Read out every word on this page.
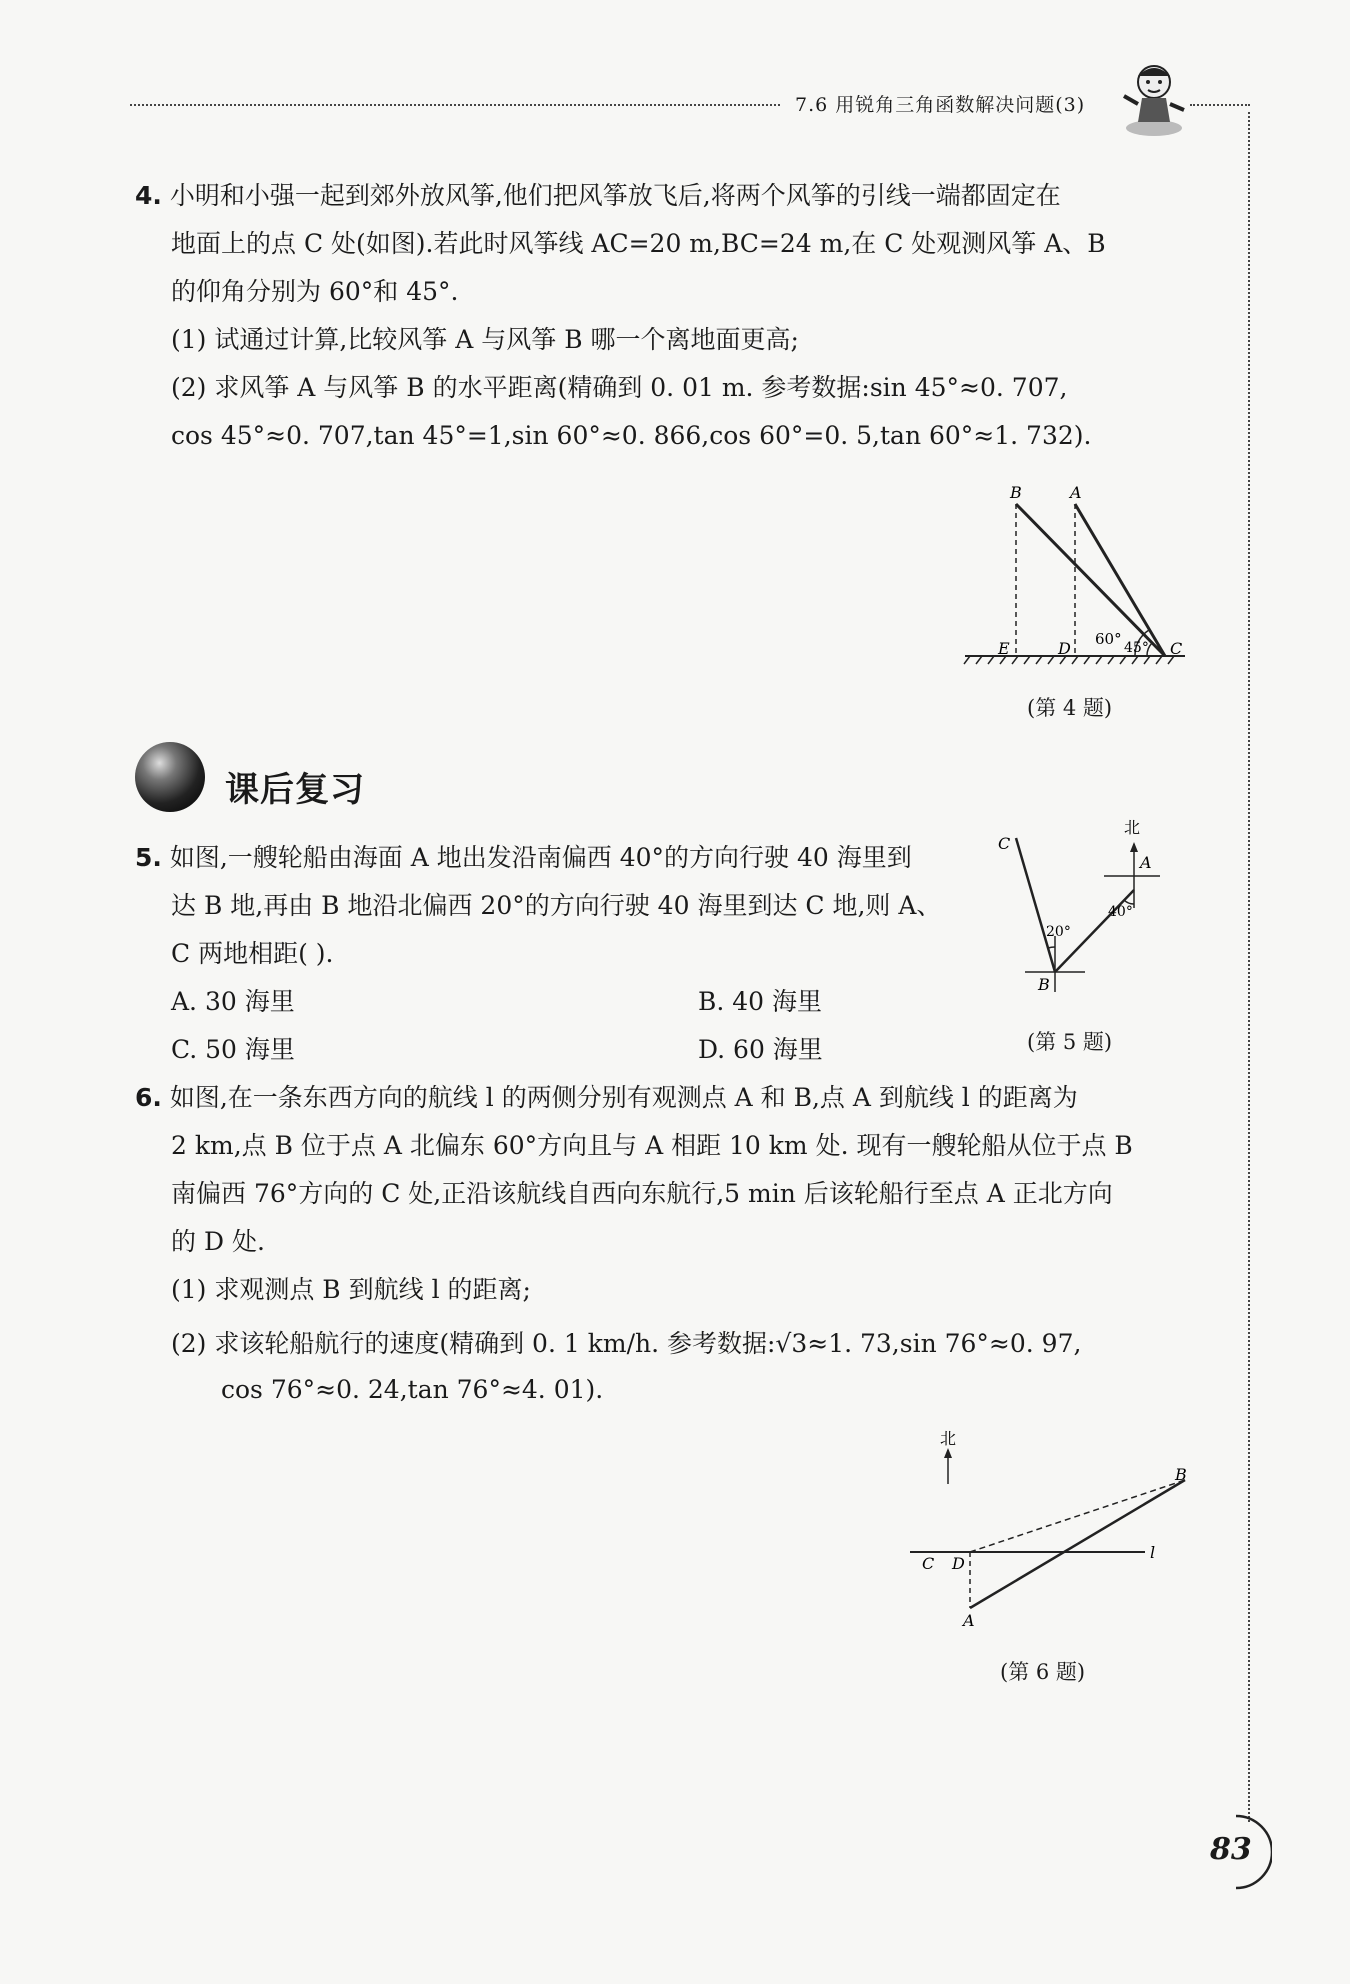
7.6 用锐角三角函数解决问题(3)
4. 小明和小强一起到郊外放风筝,他们把风筝放飞后,将两个风筝的引线一端都固定在
地面上的点 C 处(如图).若此时风筝线 AC=20 m,BC=24 m,在 C 处观测风筝 A、B
的仰角分别为 60°和 45°.
(1) 试通过计算,比较风筝 A 与风筝 B 哪一个离地面更高;
(2) 求风筝 A 与风筝 B 的水平距离(精确到 0. 01 m. 参考数据:sin 45°≈0. 707,
cos 45°≈0. 707,tan 45°=1,sin 60°≈0. 866,cos 60°=0. 5,tan 60°≈1. 732).
B	A
E	D 60° 45° C
(第 4 题)
课后复习
5. 如图,一艘轮船由海面 A 地出发沿南偏西 40°的方向行驶 40 海里到
达 B 地,再由 B 地沿北偏西 20°的方向行驶 40 海里到达 C 地,则 A、
C 两地相距( ).
A. 30 海里	B. 40 海里
C. 50 海里	D. 60 海里
C
北
A
20°
40°
B
(第 5 题)
6. 如图,在一条东西方向的航线 l 的两侧分别有观测点 A 和 B,点 A 到航线 l 的距离为
2 km,点 B 位于点 A 北偏东 60°方向且与 A 相距 10 km 处. 现有一艘轮船从位于点 B
南偏西 76°方向的 C 处,正沿该航线自西向东航行,5 min 后该轮船行至点 A 正北方向
的 D 处.
(1) 求观测点 B 到航线 l 的距离;
(2) 求该轮船航行的速度(精确到 0. 1 km/h. 参考数据:√3≈1. 73,sin 76°≈0. 97,
cos 76°≈0. 24,tan 76°≈4. 01).
北
B
C D
l
A
(第 6 题)
83
